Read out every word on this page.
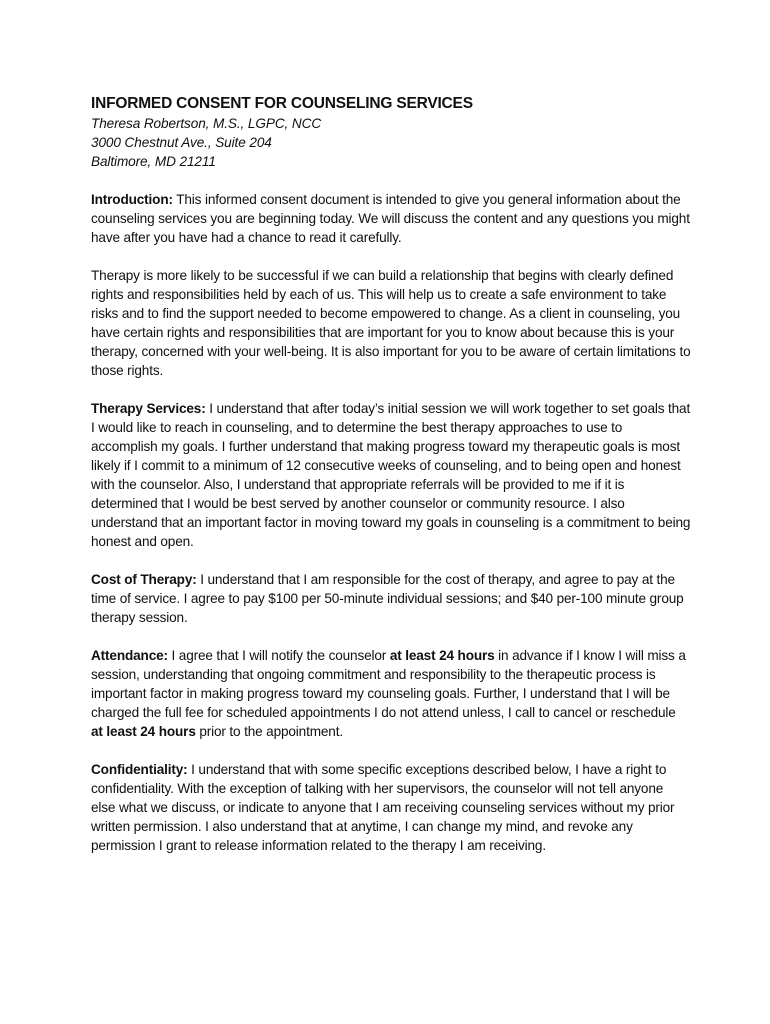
INFORMED CONSENT FOR COUNSELING SERVICES

Theresa Robertson, M.S., LGPC, NCC

3000 Chestnut Ave., Suite 204

Baltimore, MD 21211

Introduction: This informed consent document is intended to give you general information about the counseling services you are beginning today. We will discuss the content and any questions you might have after you have had a chance to read it carefully.

Therapy is more likely to be successful if we can build a relationship that begins with clearly defined rights and responsibilities held by each of us. This will help us to create a safe environment to take risks and to find the support needed to become empowered to change. As a client in counseling, you have certain rights and responsibilities that are important for you to know about because this is your therapy, concerned with your well-being. It is also important for you to be aware of certain limitations to those rights.

Therapy Services: I understand that after today’s initial session we will work together to set goals that I would like to reach in counseling, and to determine the best therapy approaches to use to accomplish my goals. I further understand that making progress toward my therapeutic goals is most likely if I commit to a minimum of 12 consecutive weeks of counseling, and to being open and honest with the counselor. Also, I understand that appropriate referrals will be provided to me if it is determined that I would be best served by another counselor or community resource. I also understand that an important factor in moving toward my goals in counseling is a commitment to being honest and open.

Cost of Therapy: I understand that I am responsible for the cost of therapy, and agree to pay at the time of service. I agree to pay $100 per 50-minute individual sessions; and $40 per-100 minute group therapy session.

Attendance: I agree that I will notify the counselor at least 24 hours in advance if I know I will miss a session, understanding that ongoing commitment and responsibility to the therapeutic process is important factor in making progress toward my counseling goals. Further, I understand that I will be charged the full fee for scheduled appointments I do not attend unless, I call to cancel or reschedule at least 24 hours prior to the appointment.

Confidentiality: I understand that with some specific exceptions described below, I have a right to confidentiality. With the exception of talking with her supervisors, the counselor will not tell anyone else what we discuss, or indicate to anyone that I am receiving counseling services without my prior written permission. I also understand that at anytime, I can change my mind, and revoke any permission I grant to release information related to the therapy I am receiving.
